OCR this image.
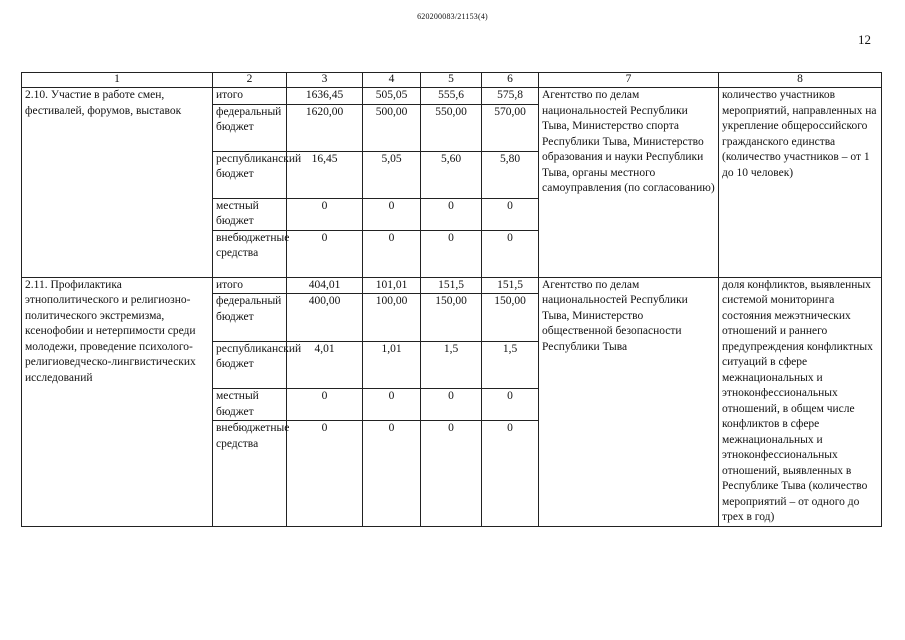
620200083/21153(4)
12
1	2	3	4	5	6	7	8
2.10. Участие в работе смен, фестивалей, форумов, выставок	итого	1636,45	505,05	555,6	575,8	Агентство по делам национальностей Республики Тыва, Министерство спорта Республики Тыва, Министерство образования и науки Республики Тыва, органы местного самоуправления (по согласованию)	количество участников мероприятий, направленных на укрепление общероссийского гражданского единства (количество участников – от 1 до 10 человек)
	федеральный бюджет	1620,00	500,00	550,00	570,00		
	республиканский бюджет	16,45	5,05	5,60	5,80		
	местный бюджет	0	0	0	0		
	внебюджетные средства	0	0	0	0		
2.11. Профилактика этнополитического и религиозно-политического экстремизма, ксенофобии и нетерпимости среди молодежи, проведение психолого-религиоведческо-лингвистических исследований	итого	404,01	101,01	151,5	151,5	Агентство по делам национальностей Республики Тыва, Министерство общественной безопасности Республики Тыва	доля конфликтов, выявленных системой мониторинга состояния межэтнических отношений и раннего предупреждения конфликтных ситуаций в сфере межнациональных и этноконфессиональных отношений, в общем числе конфликтов в сфере межнациональных и этноконфессиональных отношений, выявленных в Республике Тыва (количество мероприятий – от одного до трех в год)
	федеральный бюджет	400,00	100,00	150,00	150,00		
	республиканский бюджет	4,01	1,01	1,5	1,5		
	местный бюджет	0	0	0	0		
	внебюджетные средства	0	0	0	0		
